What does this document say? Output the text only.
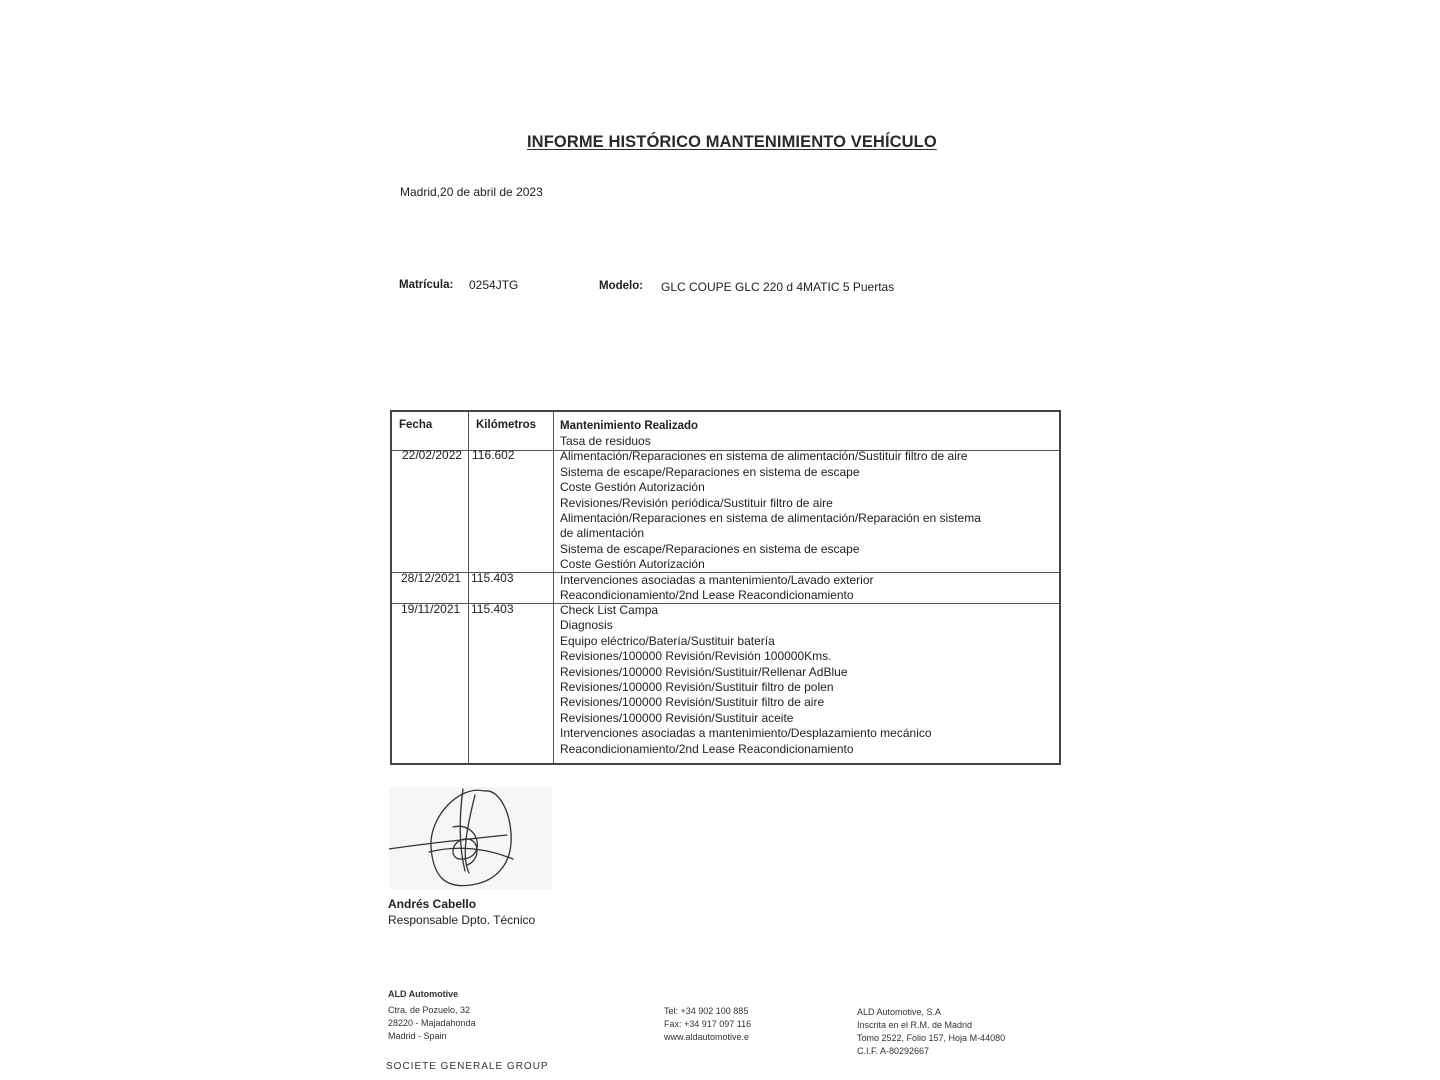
INFORME HISTÓRICO MANTENIMIENTO VEHÍCULO
Madrid,20 de abril de 2023
Matrícula: 0254JTG	Modelo: GLC COUPE GLC 220 d 4MATIC 5 Puertas
Fecha	Kilómetros Mantenimiento Realizado
22/02/2022 116.602
Tasa de residuos
Alimentación/Reparaciones en sistema de alimentación/Sustituir filtro de aire
Sistema de escape/Reparaciones en sistema de escape
Coste Gestión Autorización
Revisiones/Revisión periódica/Sustituir filtro de aire
Alimentación/Reparaciones en sistema de alimentación/Reparación en sistema
de alimentación
Sistema de escape/Reparaciones en sistema de escape
Coste Gestión Autorización
28/12/2021 115.403	Intervenciones asociadas a mantenimiento/Lavado exterior
Reacondicionamiento/2nd Lease Reacondicionamiento
19/11/2021 115.403	Check List Campa
Diagnosis
Equipo eléctrico/Batería/Sustituir batería
Revisiones/100000 Revisión/Revisión 100000Kms.
Revisiones/100000 Revisión/Sustituir/Rellenar AdBlue
Revisiones/100000 Revisión/Sustituir filtro de polen
Revisiones/100000 Revisión/Sustituir filtro de aire
Revisiones/100000 Revisión/Sustituir aceite
Intervenciones asociadas a mantenimiento/Desplazamiento mecánico
Reacondicionamiento/2nd Lease Reacondicionamiento
Andrés Cabello
Responsable Dpto. Técnico
ALD Automotive
Ctra. de Pozuelo, 32
28220 - Majadahonda
Madrid - Spain
Tel: +34 902 100 885
Fax: +34 917 097 116
www.aldautomotive.e
ALD Automotive, S.A
Inscrita en el R.M. de Madrid
Tomo 2522, Folio 157, Hoja M-44080
C.I.F. A-80292667
SOCIETE GENERALE GROUP
